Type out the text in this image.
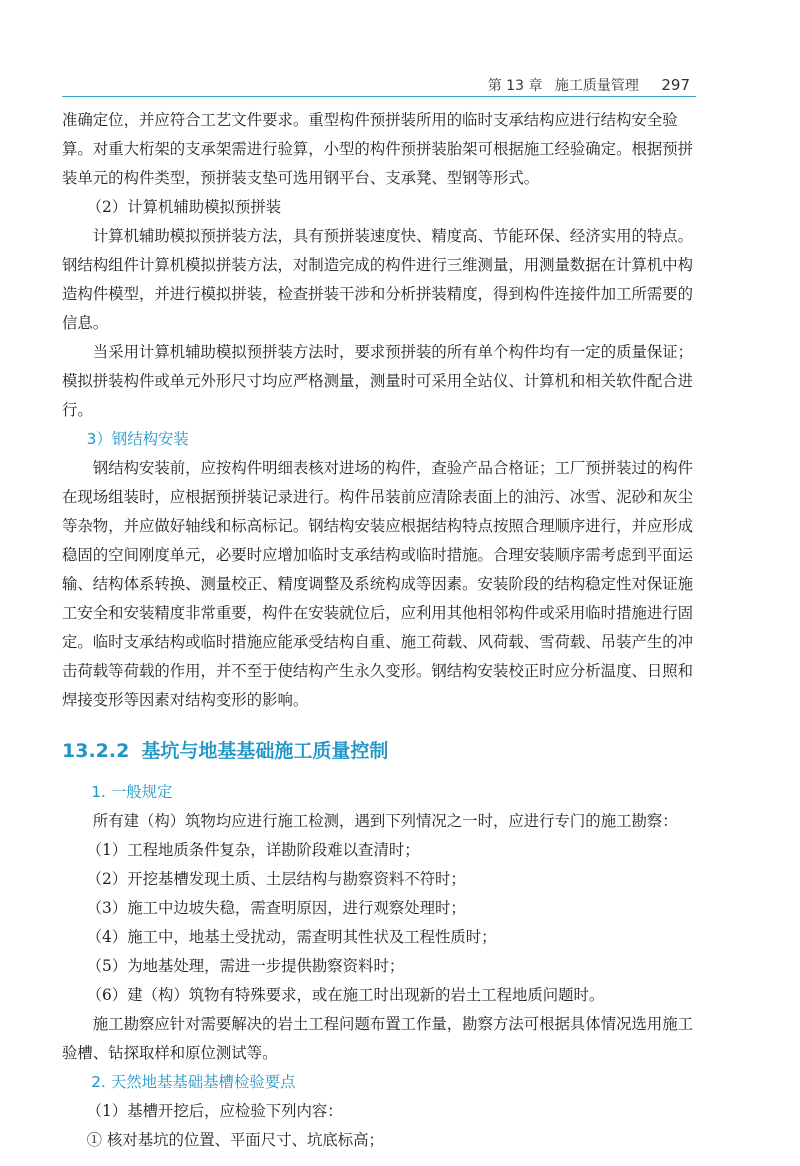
第 13 章 施工质量管理 297

准确定位，并应符合工艺文件要求。重型构件预拼装所用的临时支承结构应进行结构安全验算。对重大桁架的支承架需进行验算，小型的构件预拼装胎架可根据施工经验确定。根据预拼装单元的构件类型，预拼装支垫可选用钢平台、支承凳、型钢等形式。

（2）计算机辅助模拟预拼装

计算机辅助模拟预拼装方法，具有预拼装速度快、精度高、节能环保、经济实用的特点。钢结构组件计算机模拟拼装方法，对制造完成的构件进行三维测量，用测量数据在计算机中构造构件模型，并进行模拟拼装，检查拼装干涉和分析拼装精度，得到构件连接件加工所需要的信息。

当采用计算机辅助模拟预拼装方法时，要求预拼装的所有单个构件均有一定的质量保证；模拟拼装构件或单元外形尺寸均应严格测量，测量时可采用全站仪、计算机和相关软件配合进行。

3）钢结构安装

钢结构安装前，应按构件明细表核对进场的构件，查验产品合格证；工厂预拼装过的构件在现场组装时，应根据预拼装记录进行。构件吊装前应清除表面上的油污、冰雪、泥砂和灰尘等杂物，并应做好轴线和标高标记。钢结构安装应根据结构特点按照合理顺序进行，并应形成稳固的空间刚度单元，必要时应增加临时支承结构或临时措施。合理安装顺序需考虑到平面运输、结构体系转换、测量校正、精度调整及系统构成等因素。安装阶段的结构稳定性对保证施工安全和安装精度非常重要，构件在安装就位后，应利用其他相邻构件或采用临时措施进行固定。临时支承结构或临时措施应能承受结构自重、施工荷载、风荷载、雪荷载、吊装产生的冲击荷载等荷载的作用，并不至于使结构产生永久变形。钢结构安装校正时应分析温度、日照和焊接变形等因素对结构变形的影响。

13.2.2 基坑与地基基础施工质量控制

1. 一般规定

所有建（构）筑物均应进行施工检测，遇到下列情况之一时，应进行专门的施工勘察：

（1）工程地质条件复杂，详勘阶段难以查清时；

（2）开挖基槽发现土质、土层结构与勘察资料不符时；

（3）施工中边坡失稳，需查明原因，进行观察处理时；

（4）施工中，地基土受扰动，需查明其性状及工程性质时；

（5）为地基处理，需进一步提供勘察资料时；

（6）建（构）筑物有特殊要求，或在施工时出现新的岩土工程地质问题时。

施工勘察应针对需要解决的岩土工程问题布置工作量，勘察方法可根据具体情况选用施工验槽、钻探取样和原位测试等。

2. 天然地基基础基槽检验要点

（1）基槽开挖后，应检验下列内容：

① 核对基坑的位置、平面尺寸、坑底标高；
